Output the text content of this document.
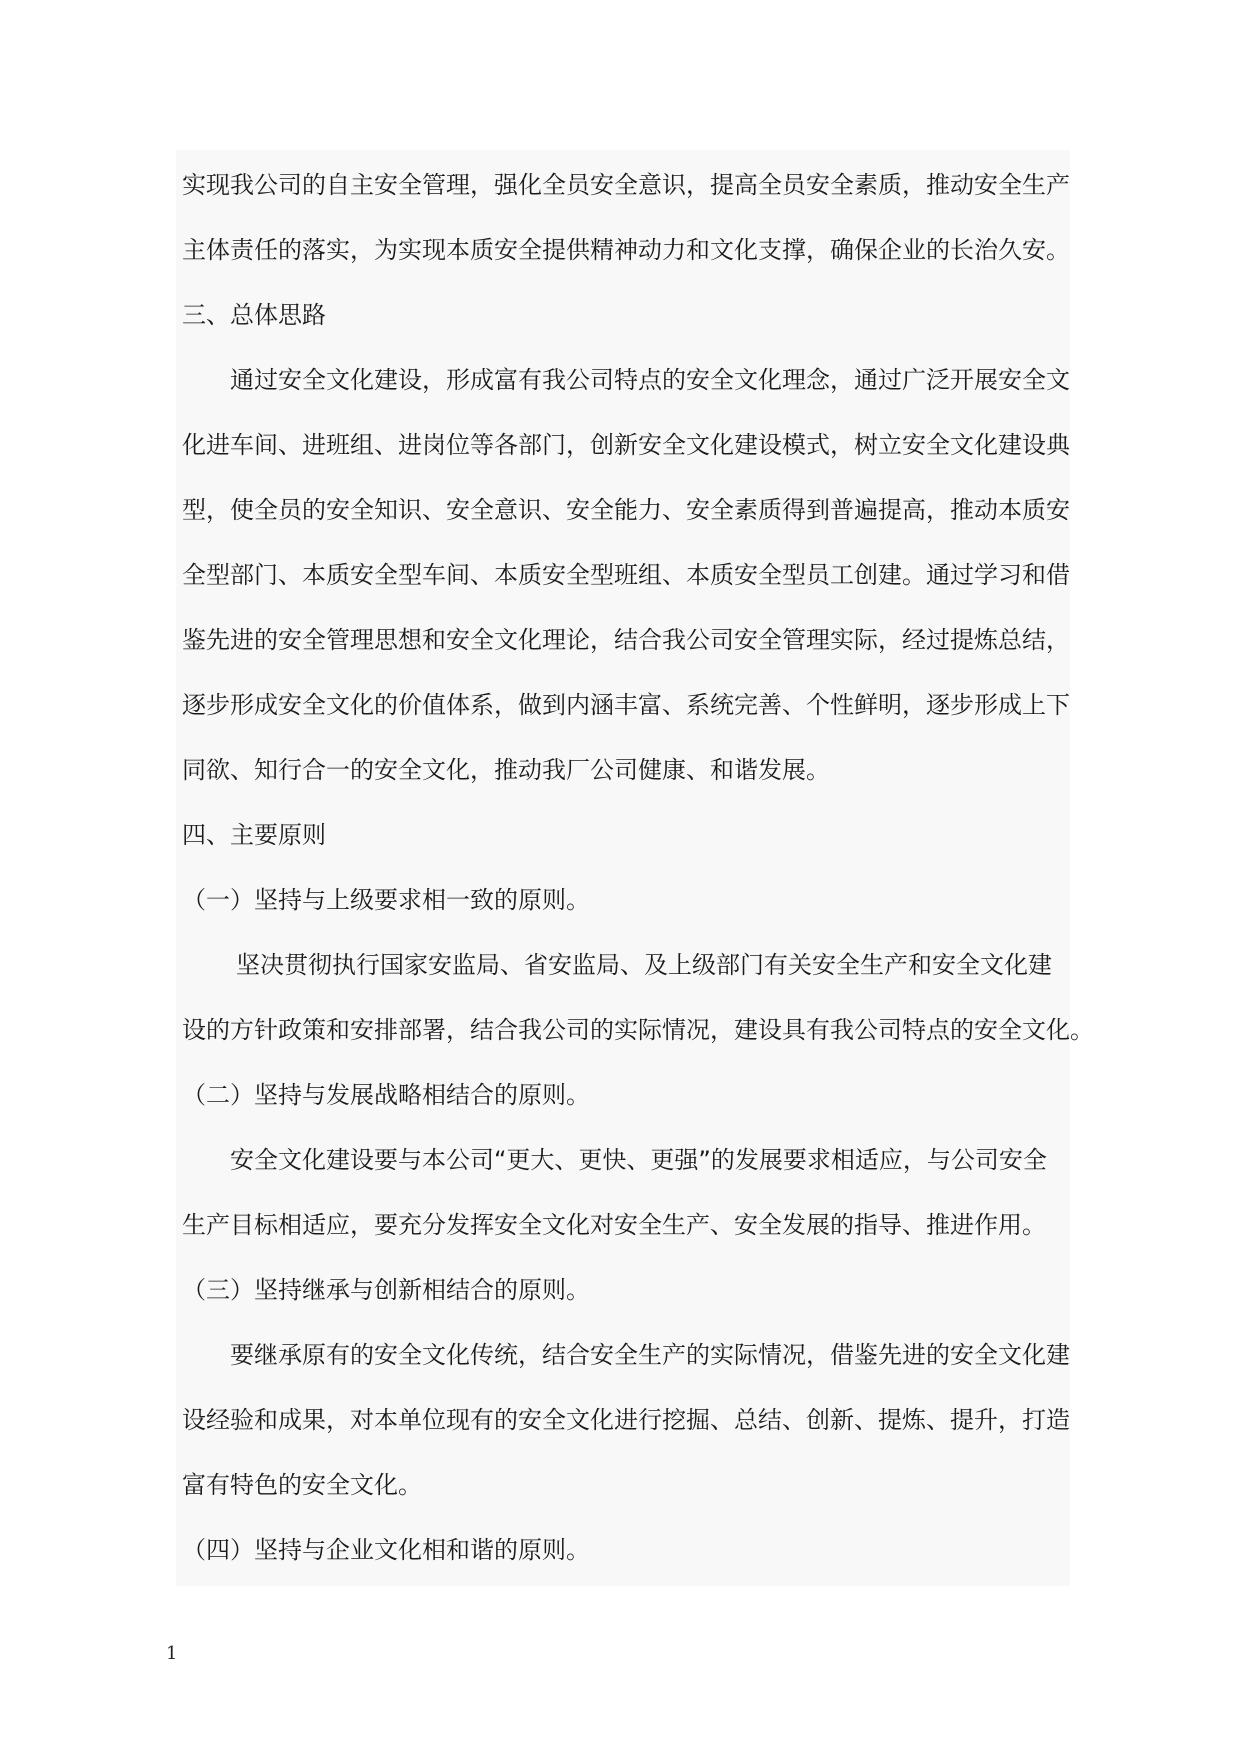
实现我公司的自主安全管理，强化全员安全意识，提高全员安全素质，推动安全生产
主体责任的落实，为实现本质安全提供精神动力和文化支撑，确保企业的长治久安。
三、总体思路
通过安全文化建设，形成富有我公司特点的安全文化理念，通过广泛开展安全文
化进车间、进班组、进岗位等各部门，创新安全文化建设模式，树立安全文化建设典
型，使全员的安全知识、安全意识、安全能力、安全素质得到普遍提高，推动本质安
全型部门、本质安全型车间、本质安全型班组、本质安全型员工创建。通过学习和借
鉴先进的安全管理思想和安全文化理论，结合我公司安全管理实际，经过提炼总结，
逐步形成安全文化的价值体系，做到内涵丰富、系统完善、个性鲜明，逐步形成上下
同欲、知行合一的安全文化，推动我厂公司健康、和谐发展。
四、主要原则
（一）坚持与上级要求相一致的原则。
坚决贯彻执行国家安监局、省安监局、及上级部门有关安全生产和安全文化建
设的方针政策和安排部署，结合我公司的实际情况，建设具有我公司特点的安全文化。
（二）坚持与发展战略相结合的原则。
安全文化建设要与本公司“更大、更快、更强”的发展要求相适应，与公司安全
生产目标相适应，要充分发挥安全文化对安全生产、安全发展的指导、推进作用。
（三）坚持继承与创新相结合的原则。
要继承原有的安全文化传统，结合安全生产的实际情况，借鉴先进的安全文化建
设经验和成果，对本单位现有的安全文化进行挖掘、总结、创新、提炼、提升，打造
富有特色的安全文化。
（四）坚持与企业文化相和谐的原则。
1
